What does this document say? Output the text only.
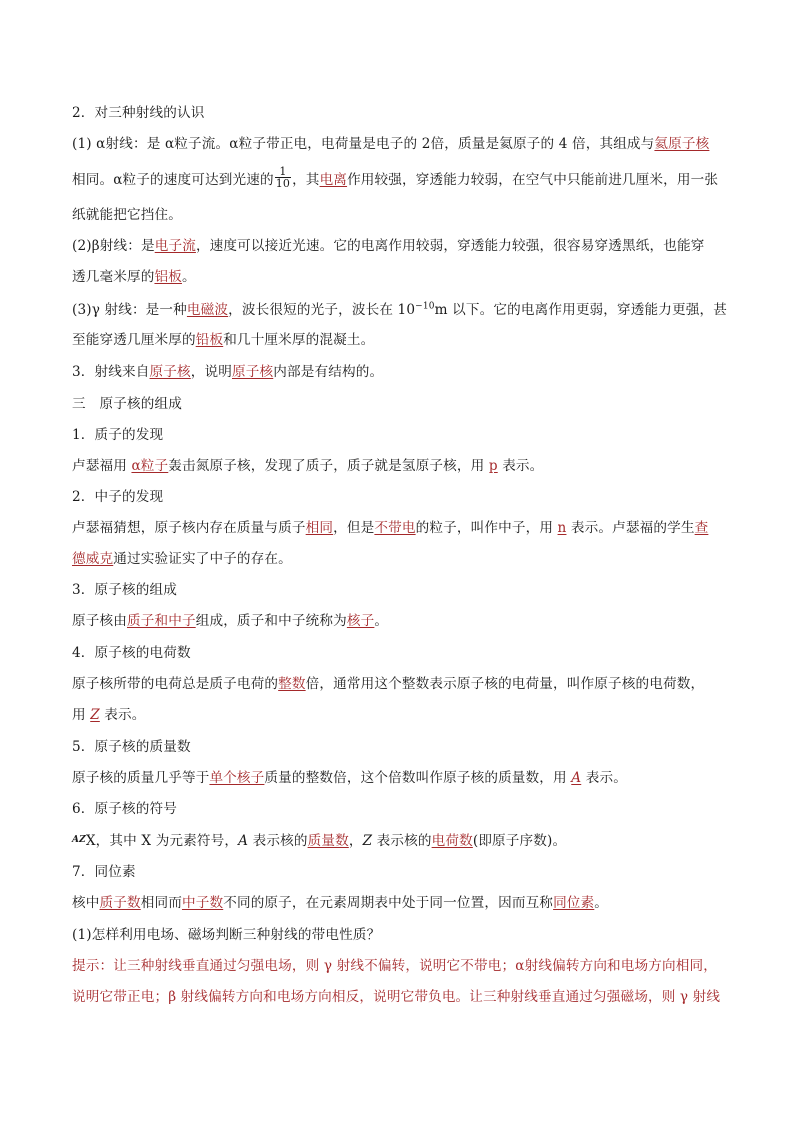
2．对三种射线的认识
(1) α射线：是 α粒子流。α粒子带正电，电荷量是电子的 2倍，质量是氦原子的 4 倍，其组成与氦原子核
相同。α粒子的速度可达到光速的 $\frac{1}{10}$ ，其电离作用较强，穿透能力较弱，在空气中只能前进几厘米，用一张
纸就能把它挡住。
(2)β射线：是电子流，速度可以接近光速。它的电离作用较弱，穿透能力较强，很容易穿透黑纸，也能穿
透几毫米厚的铝板。
(3)γ 射线：是一种电磁波，波长很短的光子，波长在 $10^{-10}m$ 以下。它的电离作用更弱，穿透能力更强，甚
至能穿透几厘米厚的铅板和几十厘米厚的混凝土。
3．射线来自原子核，说明原子核内部是有结构的。
三　原子核的组成
1．质子的发现
卢瑟福用 α粒子轰击氮原子核，发现了质子，质子就是氢原子核，用 p 表示。
2．中子的发现
卢瑟福猜想，原子核内存在质量与质子相同，但是不带电的粒子，叫作中子，用 n 表示。卢瑟福的学生查
德威克通过实验证实了中子的存在。
3．原子核的组成
原子核由质子和中子组成，质子和中子统称为核子。
4．原子核的电荷数
原子核所带的电荷总是质子电荷的整数倍，通常用这个整数表示原子核的电荷量，叫作原子核的电荷数，
用 Z 表示。
5．原子核的质量数
原子核的质量几乎等于单个核子质量的整数倍，这个倍数叫作原子核的质量数，用 A 表示。
6．原子核的符号
$^{AZ}$X，其中 X 为元素符号，A 表示核的质量数，Z 表示核的电荷数(即原子序数)。
7．同位素
核中质子数相同而中子数不同的原子，在元素周期表中处于同一位置，因而互称同位素。
(1)怎样利用电场、磁场判断三种射线的带电性质？
提示：让三种射线垂直通过匀强电场，则 γ 射线不偏转，说明它不带电；α射线偏转方向和电场方向相同，
说明它带正电；β 射线偏转方向和电场方向相反，说明它带负电。让三种射线垂直通过匀强磁场，则 γ 射线
